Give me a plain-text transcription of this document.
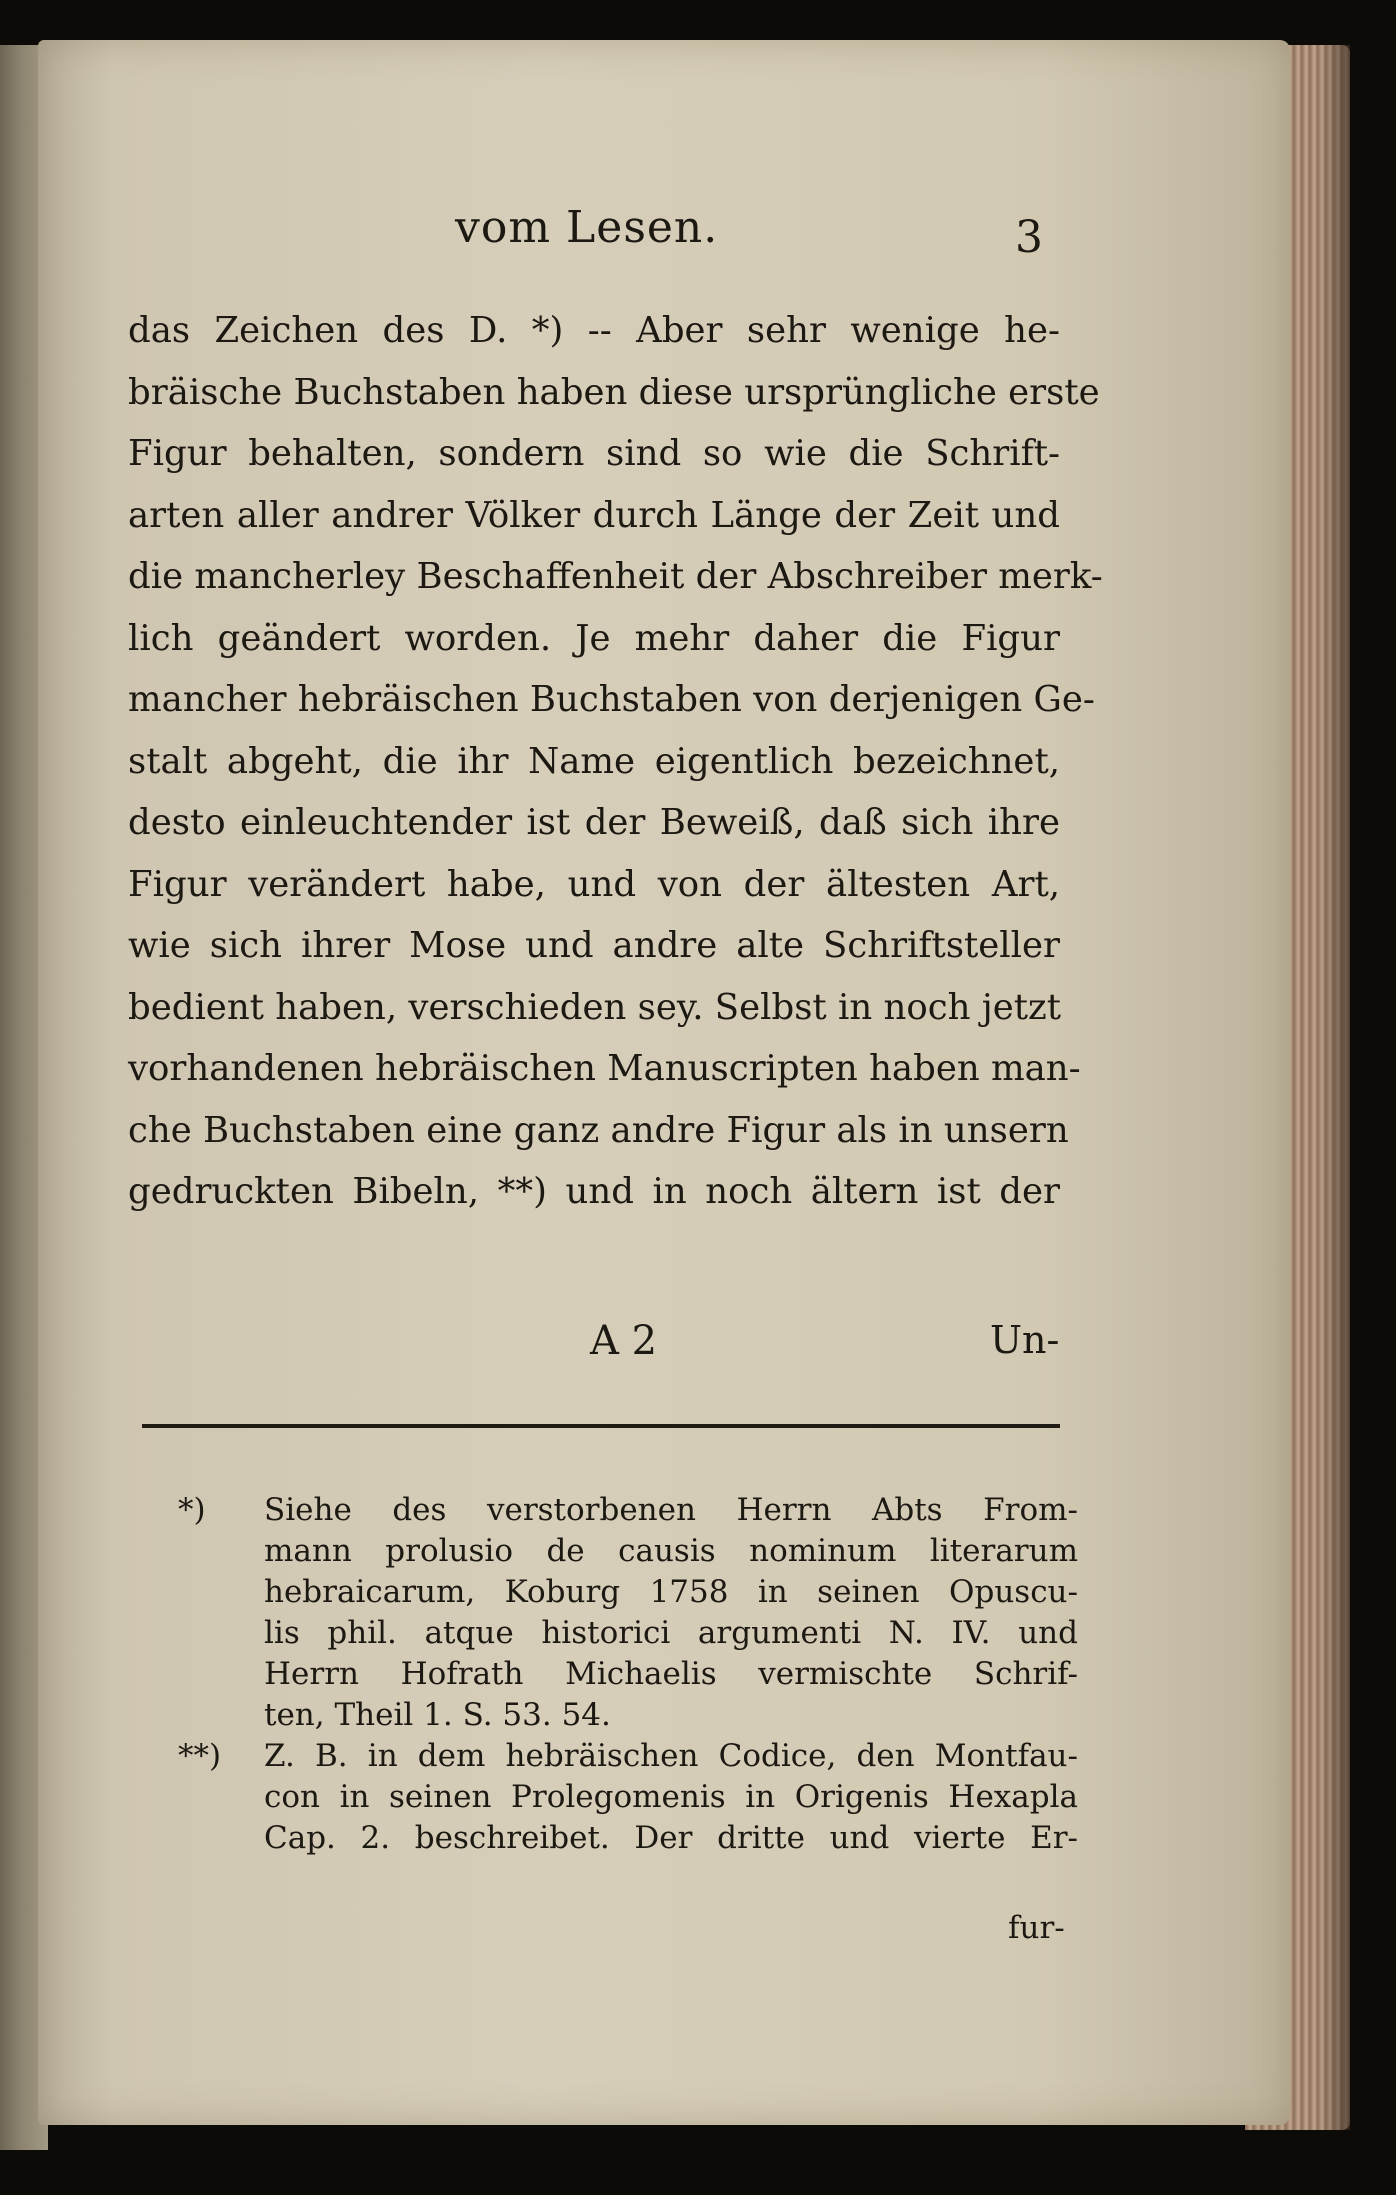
vom Lesen.	3
das Zeichen des D. *) -- Aber sehr wenige he-
bräische Buchstaben haben diese ursprüngliche erste
Figur behalten, sondern sind so wie die Schrift-
arten aller andrer Völker durch Länge der Zeit und
die mancherley Beschaffenheit der Abschreiber merk-
lich geändert worden. Je mehr daher die Figur
mancher hebräischen Buchstaben von derjenigen Ge-
stalt abgeht, die ihr Name eigentlich bezeichnet,
desto einleuchtender ist der Beweiß, daß sich ihre
Figur verändert habe, und von der ältesten Art,
wie sich ihrer Mose und andre alte Schriftsteller
bedient haben, verschieden sey. Selbst in noch jetzt
vorhandenen hebräischen Manuscripten haben man-
che Buchstaben eine ganz andre Figur als in unsern
gedruckten Bibeln, **) und in noch ältern ist der
A 2	Un-
*) Siehe des verstorbenen Herrn Abts From-
mann prolusio de causis nominum literarum
hebraicarum, Koburg 1758 in seinen Opuscu-
lis phil. atque historici argumenti N. IV. und
Herrn Hofrath Michaelis vermischte Schrif-
ten, Theil 1. S. 53. 54.
**) Z. B. in dem hebräischen Codice, den Montfau-
con in seinen Prolegomenis in Origenis Hexapla
Cap. 2. beschreibet. Der dritte und vierte Er-
fur-
